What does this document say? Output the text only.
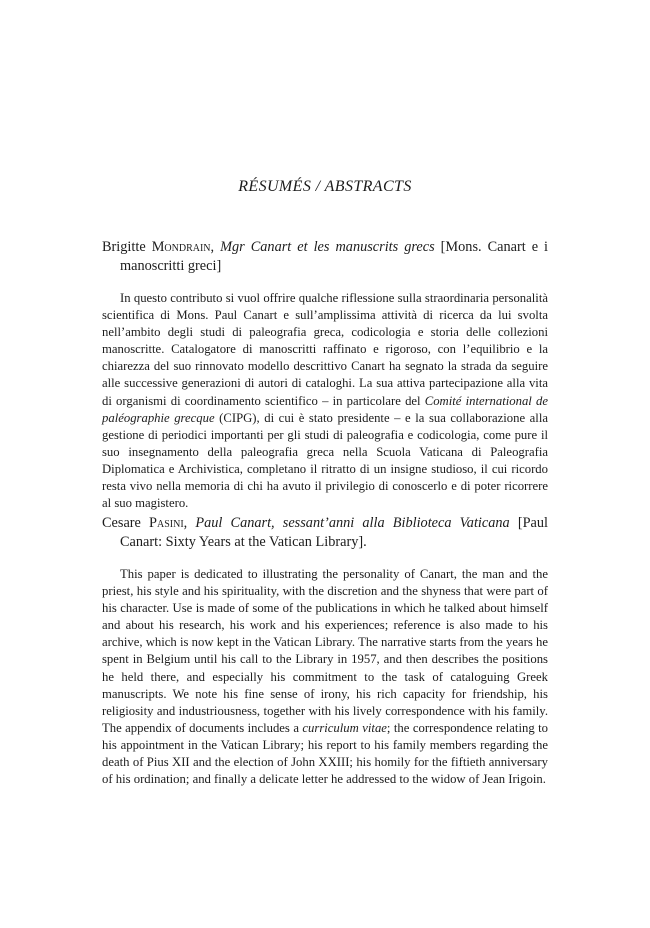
RÉSUMÉS / ABSTRACTS

Brigitte Mondrain, Mgr Canart et les manuscrits grecs [Mons. Canart e i manoscritti greci]

In questo contributo si vuol offrire qualche riflessione sulla straordinaria personalità scientifica di Mons. Paul Canart e sull’amplissima attività di ricerca da lui svolta nell’ambito degli studi di paleografia greca, codicologia e storia delle collezioni manoscritte. Catalogatore di manoscritti raffinato e rigoroso, con l’equilibrio e la chiarezza del suo rinnovato modello descrittivo Canart ha segnato la strada da seguire alle successive generazioni di autori di cataloghi. La sua attiva partecipazione alla vita di organismi di coordinamento scientifico – in particolare del Comité international de paléographie grecque (CIPG), di cui è stato presidente – e la sua collaborazione alla gestione di periodici importanti per gli studi di paleografia e codicologia, come pure il suo insegnamento della paleografia greca nella Scuola Vaticana di Paleografia Diplomatica e Archivistica, completano il ritratto di un insigne studioso, il cui ricordo resta vivo nella memoria di chi ha avuto il privilegio di conoscerlo e di poter ricorrere al suo magistero.

Cesare Pasini, Paul Canart, sessant’anni alla Biblioteca Vaticana [Paul Canart: Sixty Years at the Vatican Library].

This paper is dedicated to illustrating the personality of Canart, the man and the priest, his style and his spirituality, with the discretion and the shyness that were part of his character. Use is made of some of the publications in which he talked about himself and about his research, his work and his experiences; reference is also made to his archive, which is now kept in the Vatican Library. The narrative starts from the years he spent in Belgium until his call to the Library in 1957, and then describes the positions he held there, and especially his commitment to the task of cataloguing Greek manuscripts. We note his fine sense of irony, his rich capacity for friendship, his religiosity and industriousness, together with his lively correspondence with his family. The appendix of documents includes a curriculum vitae; the correspondence relating to his appointment in the Vatican Library; his report to his family members regarding the death of Pius XII and the election of John XXIII; his homily for the fiftieth anniversary of his ordination; and finally a delicate letter he addressed to the widow of Jean Irigoin.
